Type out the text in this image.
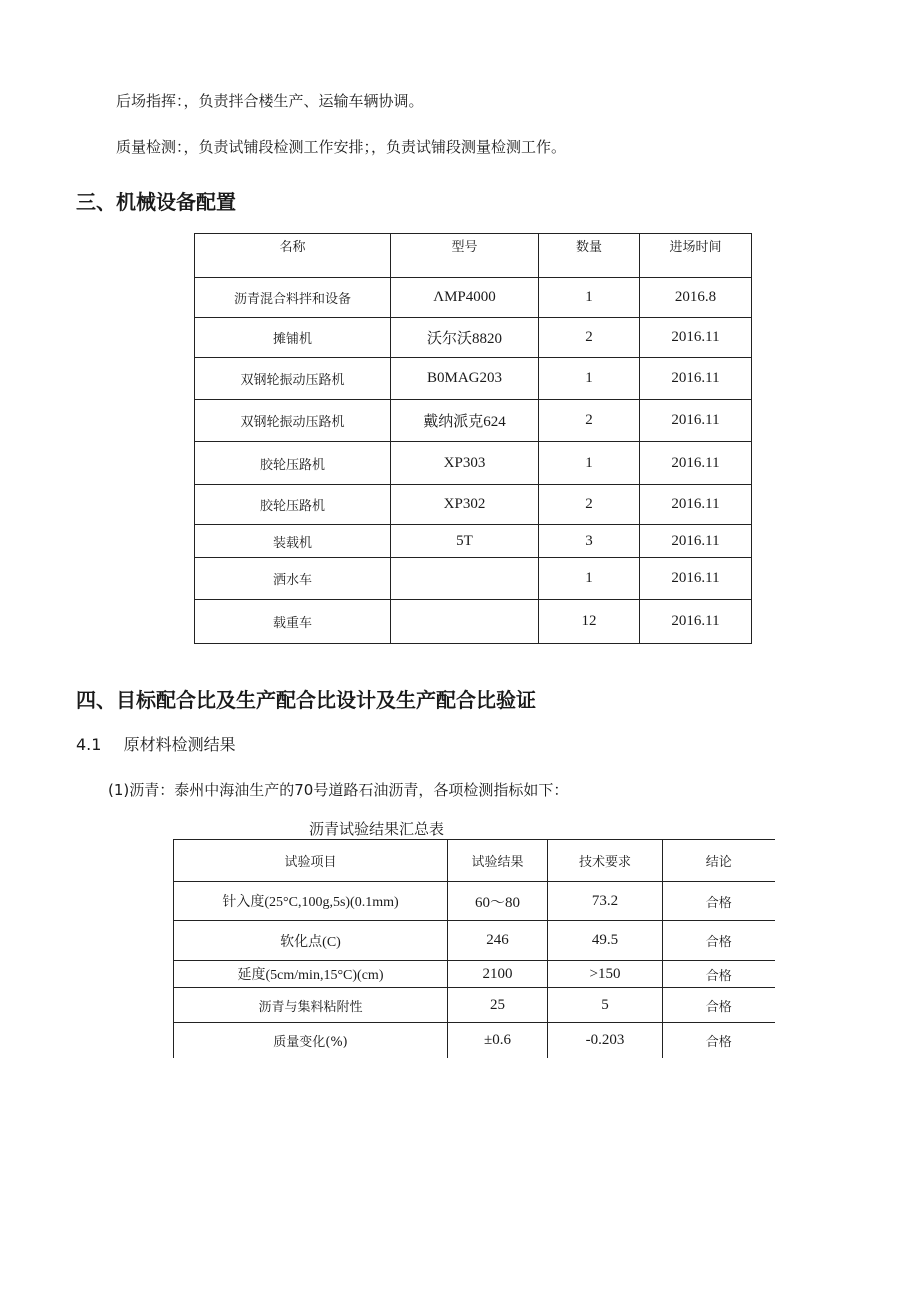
后场指挥：，负责拌合楼生产、运输车辆协调。
质量检测：，负责试铺段检测工作安排；，负责试铺段测量检测工作。
三、机械设备配置
名称	型号	数量	进场时间
沥青混合料拌和设备	ΛMP4000	1	2016.8
摊铺机	沃尔沃8820	2	2016.11
双钢轮振动压路机	B0MAG203	1	2016.11
双钢轮振动压路机	戴纳派克624	2	2016.11
胶轮压路机	XP303	1	2016.11
胶轮压路机	XP302	2	2016.11
装载机	5T	3	2016.11
洒水车		1	2016.11
载重车		12	2016.11
四、目标配合比及生产配合比设计及生产配合比验证
4.1 原材料检测结果
(1)沥青：泰州中海油生产的70号道路石油沥青，各项检测指标如下：
沥青试验结果汇总表
试验项目	试验结果	技术要求	结论
针入度(25°C,100g,5s)(0.1mm)	60～80	73.2	合格
软化点(C)	246	49.5	合格
延度(5cm/min,15°C)(cm)	2100	>150	合格
沥青与集料粘附性	25	5	合格
质量变化(%)	±0.6	-0.203	合格
